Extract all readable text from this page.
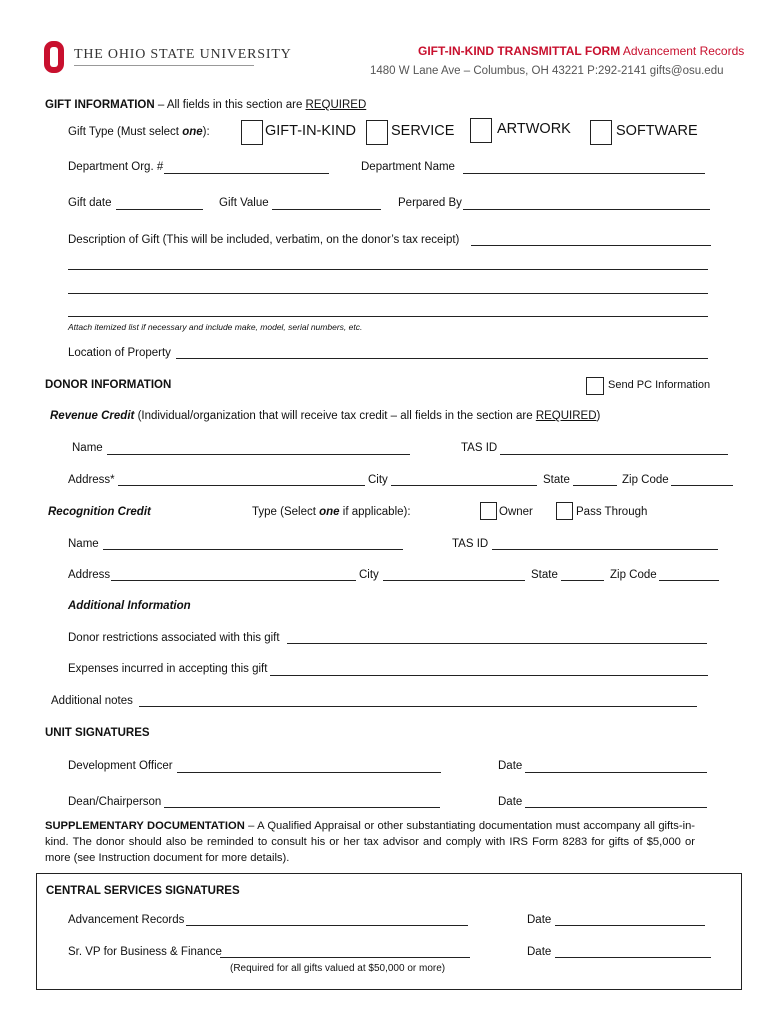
THE OHIO STATE UNIVERSITY	GIFT-IN-KIND TRANSMITTAL FORM Advancement Records
1480 W Lane Ave – Columbus, OH 43221 P:292-2141 gifts@osu.edu
GIFT INFORMATION – All fields in this section are REQUIRED
Gift Type (Must select one):	GIFT-IN-KIND SERVICE	ARTWORK	SOFTWARE
Department Org. #	Department Name
Gift date	Gift Value	Perpared By
Description of Gift (This will be included, verbatim, on the donor’s tax receipt)
Attach itemized list if necessary and include make, model, serial numbers, etc.
Location of Property
DONOR INFORMATION	Send PC Information
Revenue Credit (Individual/organization that will receive tax credit – all fields in the section are REQUIRED)
Name	TAS ID
Address*	City	State	Zip Code
Recognition Credit	Type (Select one if applicable):	Owner	Pass Through
Name	TAS ID
Address	City	State	Zip Code
Additional Information
Donor restrictions associated with this gift
Expenses incurred in accepting this gift
Additional notes
UNIT SIGNATURES
Development Officer	Date
Dean/Chairperson	Date
SUPPLEMENTARY DOCUMENTATION – A Qualified Appraisal or other substantiating documentation must accompany all gifts-in-kind. The donor should also be reminded to consult his or her tax advisor and comply with IRS Form 8283 for gifts of $5,000 or more (see Instruction document for more details).
CENTRAL SERVICES SIGNATURES
Advancement Records	Date
Sr. VP for Business & Finance	Date
(Required for all gifts valued at $50,000 or more)
